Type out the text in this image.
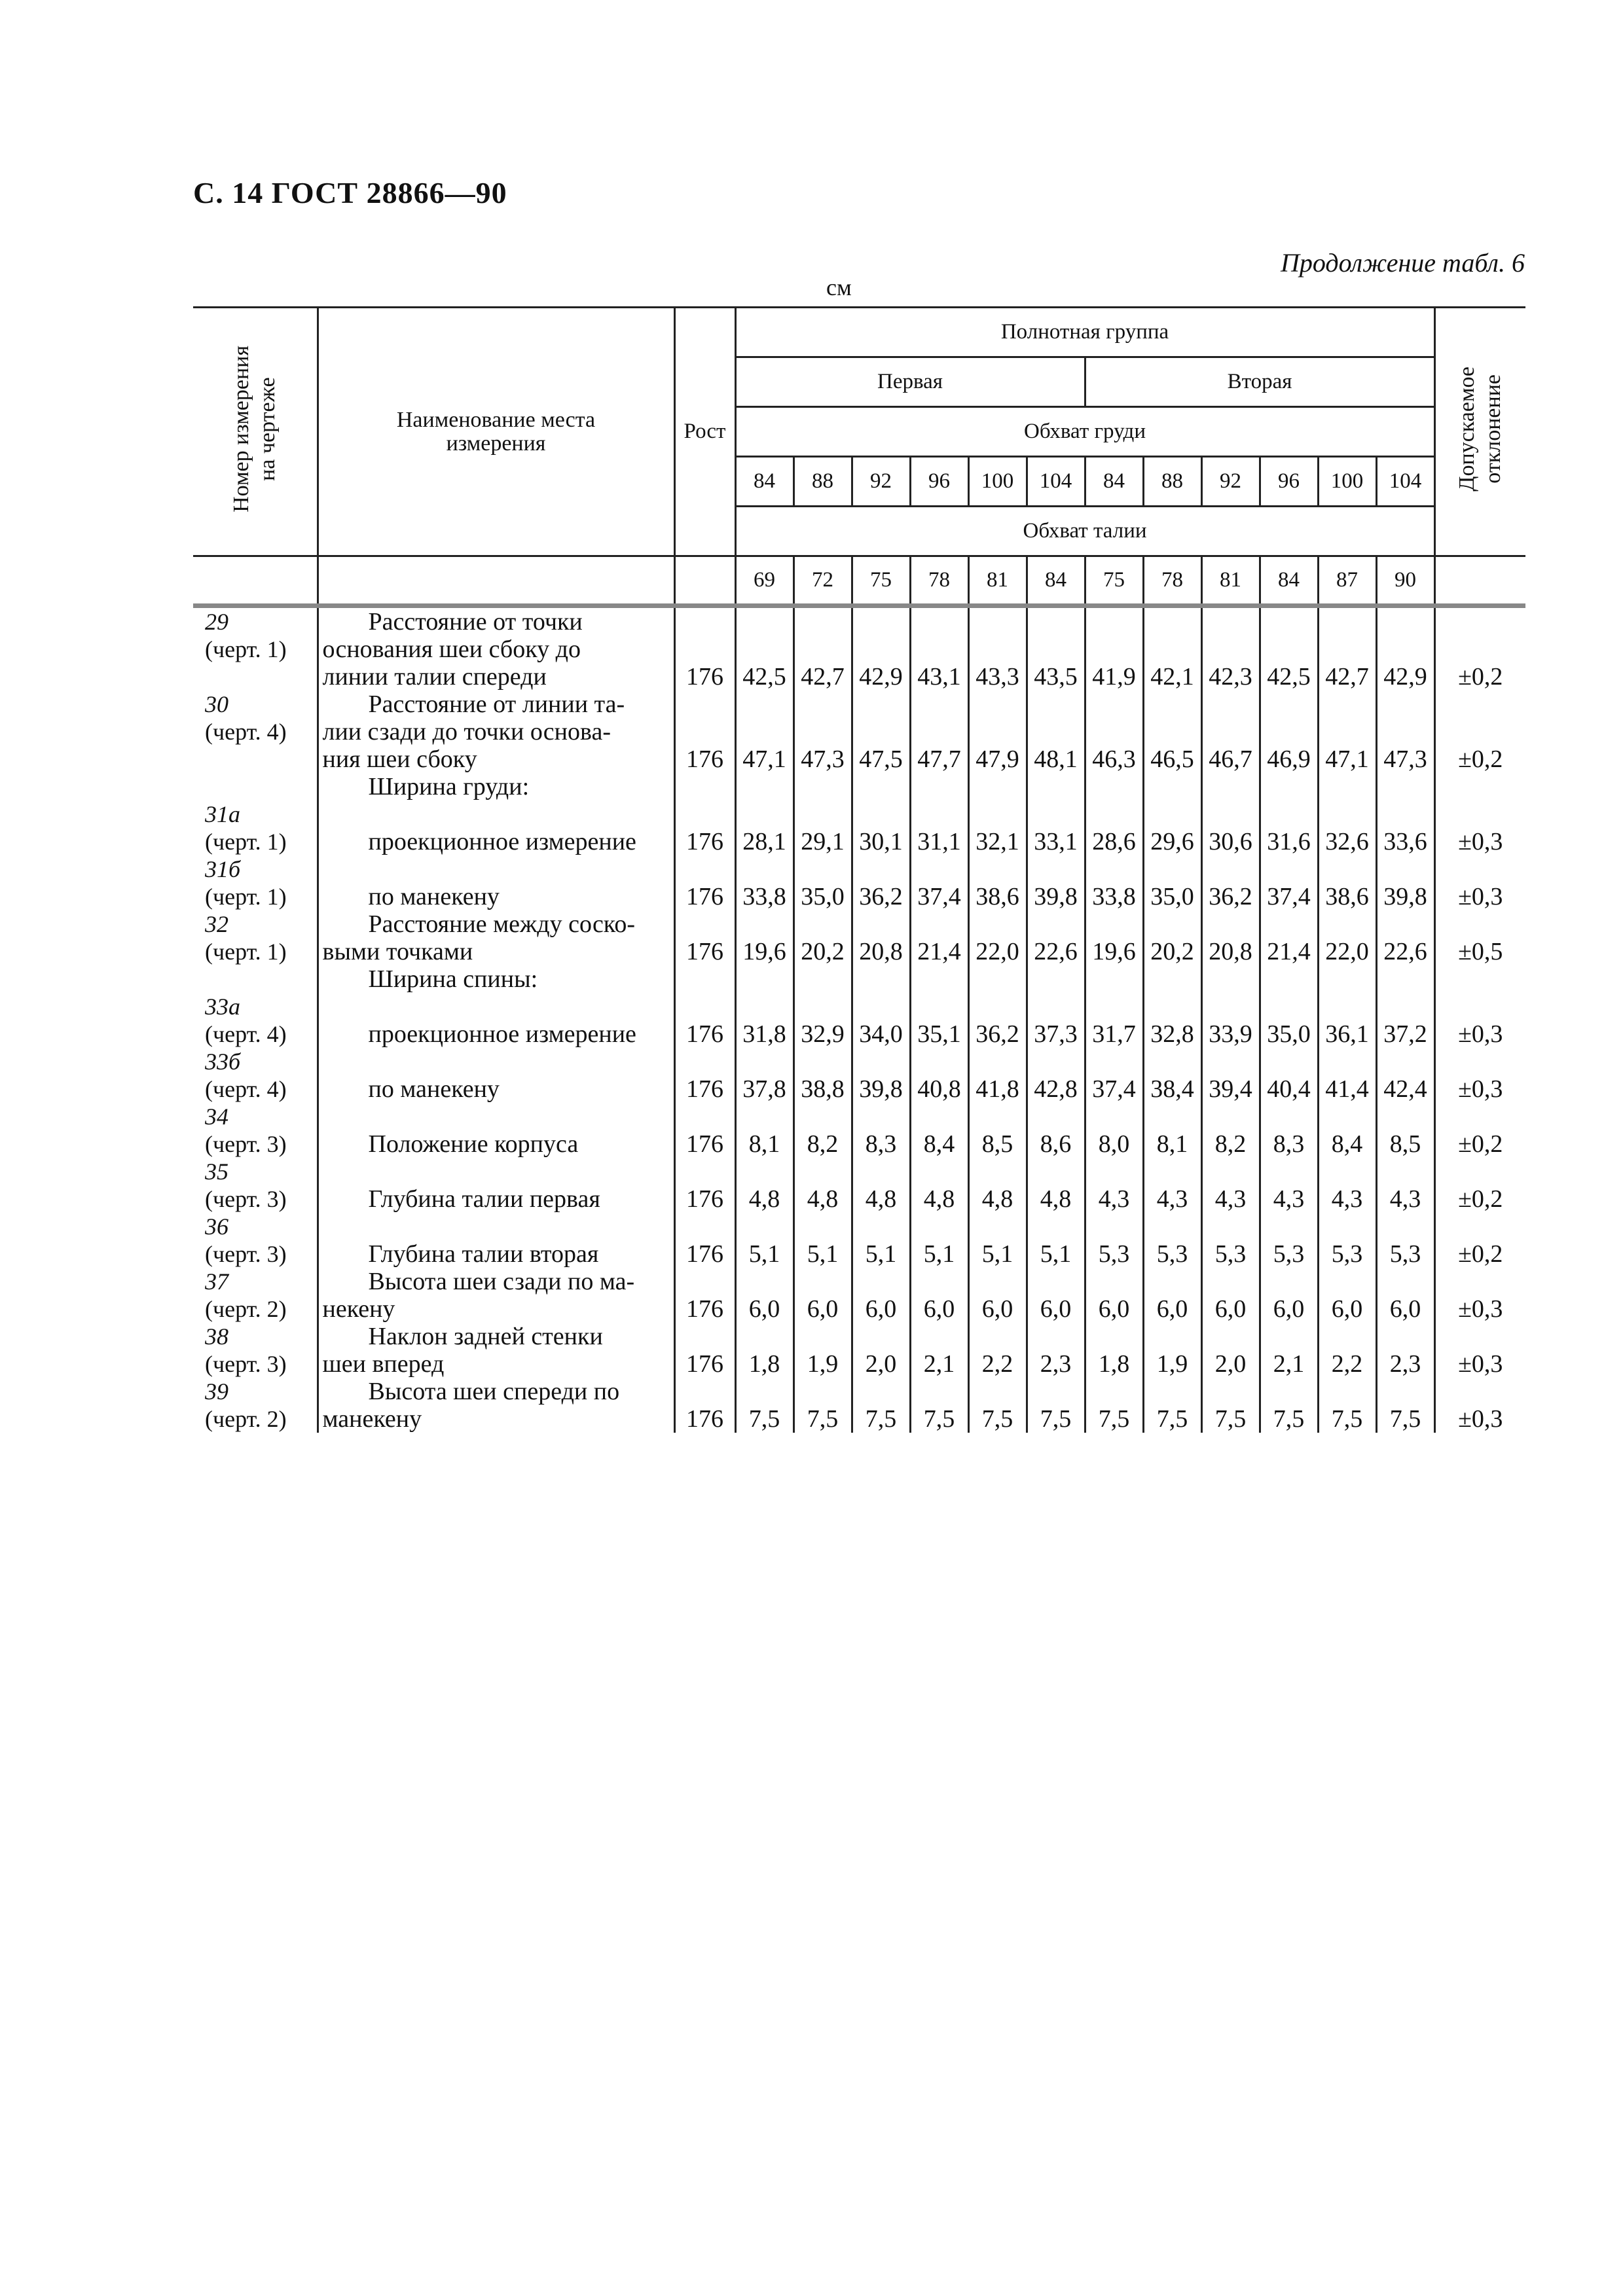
С. 14 ГОСТ 28866—90
Продолжение табл. 6
см
Номер измерения
на чертеже	Наименование места
измерения	Рост	Полнотная группа												Допускаемое
отклонение
			Первая						Вторая						
			Обхват груди												
			84	88	92	96	100	104	84	88	92	96	100	104	
			Обхват талии												
			69	72	75	78	81	84	75	78	81	84	87	90	

29
(черт. 1)	Расстояние от точки
основания шеи сбоку до
линии талии спереди	176	42,5	42,7	42,9	43,1	43,3	43,5	41,9	42,1	42,3	42,5	42,7	42,9	±0,2

30
(черт. 4)	Расстояние от линии та-
лии сзади до точки основа-
ния шеи сбоку	176	47,1	47,3	47,5	47,7	47,9	48,1	46,3	46,5	46,7	46,9	47,1	47,3	±0,2

	Ширина груди:														

31а
(черт. 1)	проекционное измерение	176	28,1	29,1	30,1	31,1	32,1	33,1	28,6	29,6	30,6	31,6	32,6	33,6	±0,3

31б
(черт. 1)	по манекену	176	33,8	35,0	36,2	37,4	38,6	39,8	33,8	35,0	36,2	37,4	38,6	39,8	±0,3

32
(черт. 1)	Расстояние между соско-
выми точками	176	19,6	20,2	20,8	21,4	22,0	22,6	19,6	20,2	20,8	21,4	22,0	22,6	±0,5

	Ширина спины:														

33а
(черт. 4)	проекционное измерение	176	31,8	32,9	34,0	35,1	36,2	37,3	31,7	32,8	33,9	35,0	36,1	37,2	±0,3

33б
(черт. 4)	по манекену	176	37,8	38,8	39,8	40,8	41,8	42,8	37,4	38,4	39,4	40,4	41,4	42,4	±0,3

34
(черт. 3)	Положение корпуса	176	8,1	8,2	8,3	8,4	8,5	8,6	8,0	8,1	8,2	8,3	8,4	8,5	±0,2

35
(черт. 3)	Глубина талии первая	176	4,8	4,8	4,8	4,8	4,8	4,8	4,3	4,3	4,3	4,3	4,3	4,3	±0,2

36
(черт. 3)	Глубина талии вторая	176	5,1	5,1	5,1	5,1	5,1	5,1	5,3	5,3	5,3	5,3	5,3	5,3	±0,2

37
(черт. 2)	Высота шеи сзади по ма-
некену	176	6,0	6,0	6,0	6,0	6,0	6,0	6,0	6,0	6,0	6,0	6,0	6,0	±0,3

38
(черт. 3)	Наклон задней стенки
шеи вперед	176	1,8	1,9	2,0	2,1	2,2	2,3	1,8	1,9	2,0	2,1	2,2	2,3	±0,3

39
(черт. 2)	Высота шеи спереди по
манекену	176	7,5	7,5	7,5	7,5	7,5	7,5	7,5	7,5	7,5	7,5	7,5	7,5	±0,3
